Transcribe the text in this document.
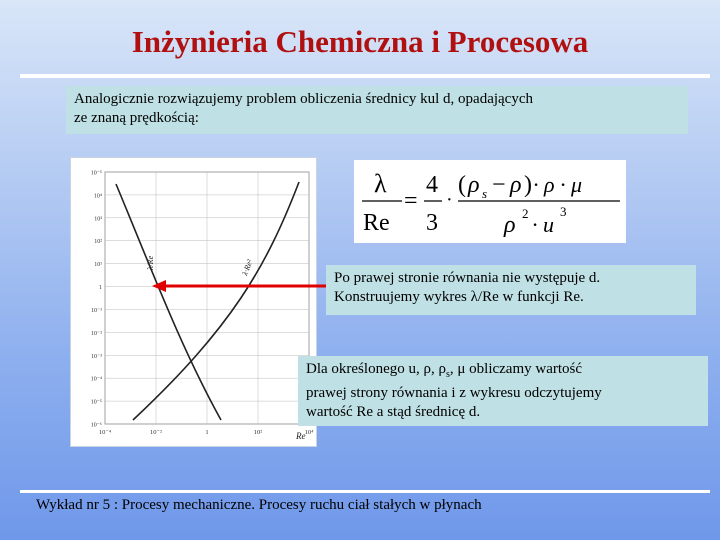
Inżynieria Chemiczna i Procesowa
Analogicznie rozwiązujemy problem obliczenia średnicy kul d, opadających
ze znaną prędkością:
10⁻⁵
10⁴
10³
10²
10¹
1
10⁻¹
10⁻²
10⁻³
10⁻⁴
10⁻⁵
10⁻⁶
10⁻⁴	10⁻²	1	10²	10⁴
λ/Re	λ·Re²
Re
λ
Re
=
4
3
·
( ρ s − ρ ) · ρ · μ
ρ 2 · u
3
Po prawej stronie równania nie występuje d.
Konstruujemy wykres λ/Re w funkcji Re.
Dla określonego u, ρ, $\rho_s$, μ obliczamy wartość
prawej strony równania i z wykresu odczytujemy
wartość Re a stąd średnicę d.
Wykład nr 5 : Procesy mechaniczne. Procesy ruchu ciał stałych w płynach
